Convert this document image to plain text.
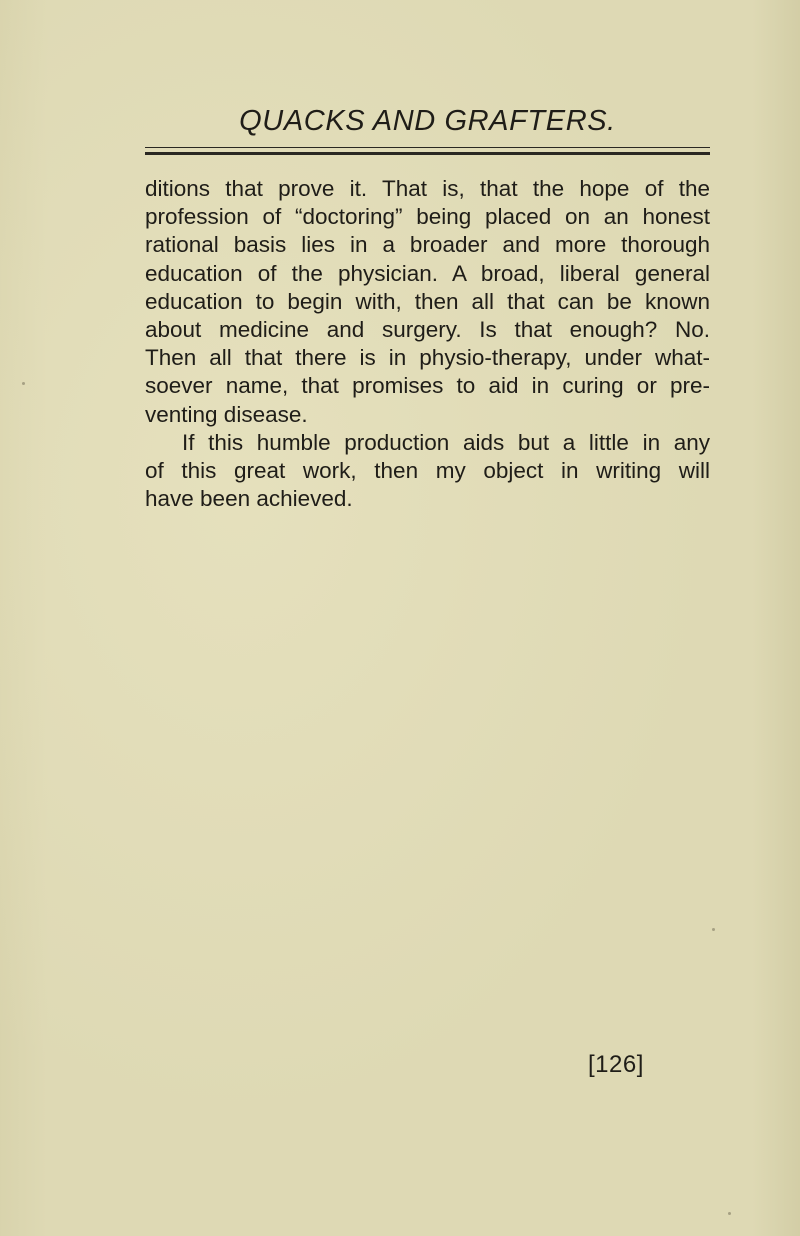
QUACKS AND GRAFTERS.
ditions that prove it. That is, that the hope of the
profession of “doctoring” being placed on an honest
rational basis lies in a broader and more thorough
education of the physician. A broad, liberal general
education to begin with, then all that can be known
about medicine and surgery. Is that enough? No.
Then all that there is in physio-therapy, under what-
soever name, that promises to aid in curing or pre-
venting disease.
If this humble production aids but a little in any
of this great work, then my object in writing will
have been achieved.
[126]
